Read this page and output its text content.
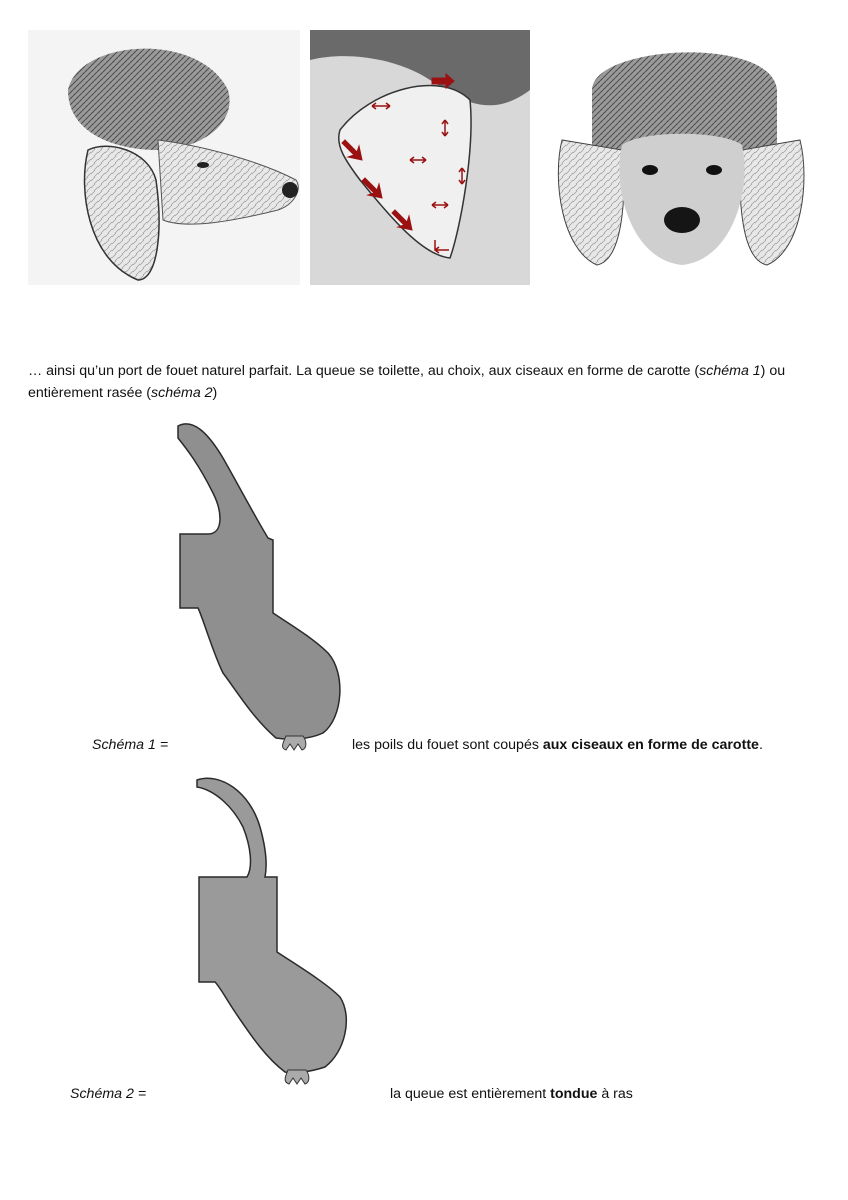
… ainsi qu’un port de fouet naturel parfait. La queue se toilette, au choix, aux ciseaux en forme de carotte (schéma 1) ou entièrement rasée (schéma 2)
Schéma 1 =	les poils du fouet sont coupés aux ciseaux en forme de carotte.
Schéma 2 =	la queue est entièrement tondue à ras
